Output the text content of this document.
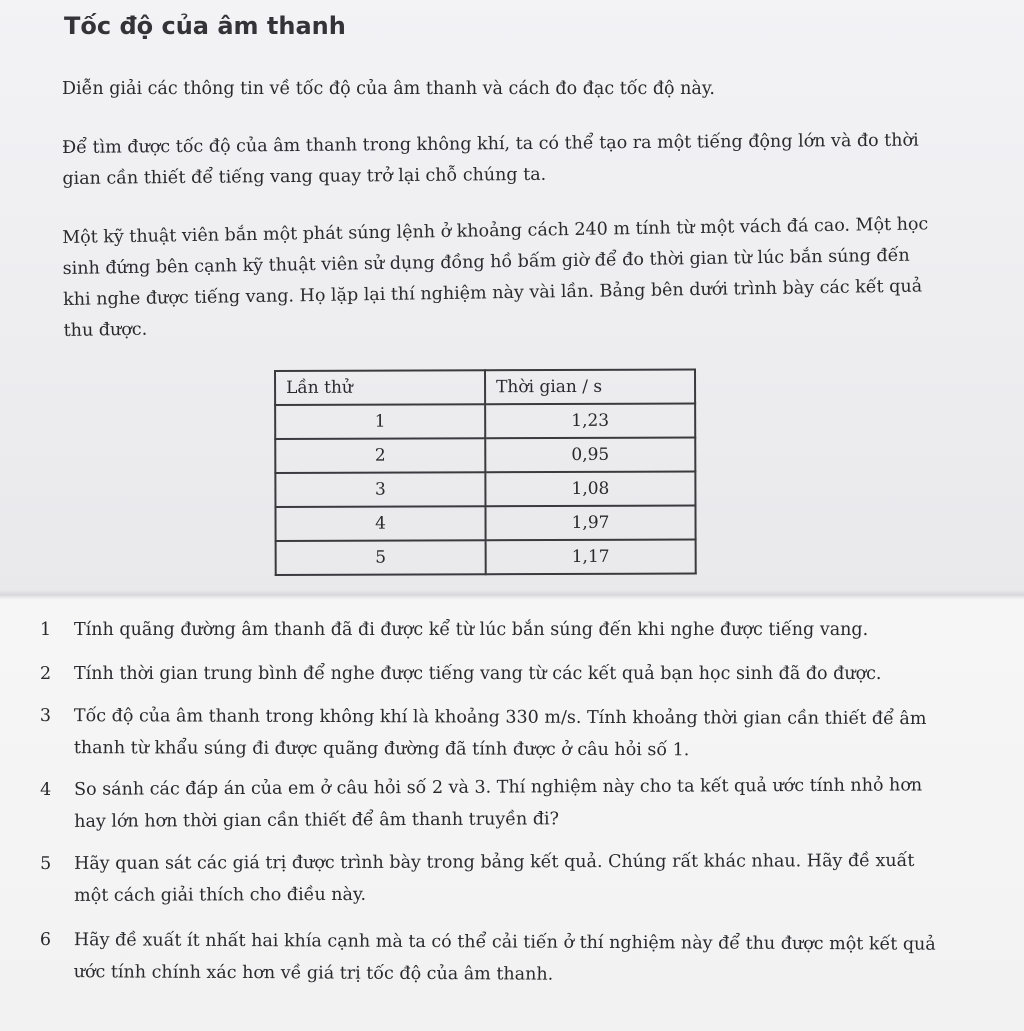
Tốc độ của âm thanh

Diễn giải các thông tin về tốc độ của âm thanh và cách đo đạc tốc độ này.

Để tìm được tốc độ của âm thanh trong không khí, ta có thể tạo ra một tiếng động lớn và đo thời gian cần thiết để tiếng vang quay trở lại chỗ chúng ta.

Một kỹ thuật viên bắn một phát súng lệnh ở khoảng cách 240 m tính từ một vách đá cao. Một học sinh đứng bên cạnh kỹ thuật viên sử dụng đồng hồ bấm giờ để đo thời gian từ lúc bắn súng đến khi nghe được tiếng vang. Họ lặp lại thí nghiệm này vài lần. Bảng bên dưới trình bày các kết quả thu được.

Lần thử	Thời gian / s
1	1,23
2	0,95
3	1,08
4	1,97
5	1,17
1	Tính quãng đường âm thanh đã đi được kể từ lúc bắn súng đến khi nghe được tiếng vang.
2	Tính thời gian trung bình để nghe được tiếng vang từ các kết quả bạn học sinh đã đo được.
3	Tốc độ của âm thanh trong không khí là khoảng 330 m/s. Tính khoảng thời gian cần thiết để âm thanh từ khẩu súng đi được quãng đường đã tính được ở câu hỏi số 1.
4	So sánh các đáp án của em ở câu hỏi số 2 và 3. Thí nghiệm này cho ta kết quả ước tính nhỏ hơn hay lớn hơn thời gian cần thiết để âm thanh truyền đi?
5	Hãy quan sát các giá trị được trình bày trong bảng kết quả. Chúng rất khác nhau. Hãy đề xuất một cách giải thích cho điều này.
6	Hãy đề xuất ít nhất hai khía cạnh mà ta có thể cải tiến ở thí nghiệm này để thu được một kết quả ước tính chính xác hơn về giá trị tốc độ của âm thanh.
